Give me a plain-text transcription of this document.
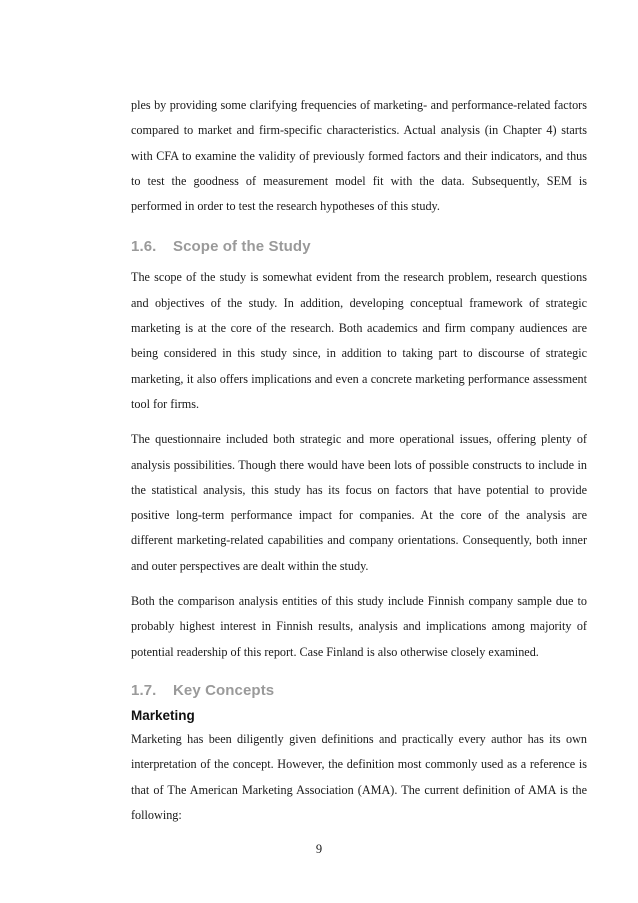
ples by providing some clarifying frequencies of marketing- and performance-related factors compared to market and firm-specific characteristics. Actual analysis (in Chapter 4) starts with CFA to examine the validity of previously formed factors and their indicators, and thus to test the goodness of measurement model fit with the data. Subsequently, SEM is performed in order to test the research hypotheses of this study.

1.6. Scope of the Study

The scope of the study is somewhat evident from the research problem, research questions and objectives of the study. In addition, developing conceptual framework of strategic marketing is at the core of the research. Both academics and firm company audiences are being considered in this study since, in addition to taking part to discourse of strategic marketing, it also offers implications and even a concrete marketing performance assessment tool for firms.

The questionnaire included both strategic and more operational issues, offering plenty of analysis possibilities. Though there would have been lots of possible constructs to include in the statistical analysis, this study has its focus on factors that have potential to provide positive long-term performance impact for companies. At the core of the analysis are different marketing-related capabilities and company orientations. Consequently, both inner and outer perspectives are dealt within the study.

Both the comparison analysis entities of this study include Finnish company sample due to probably highest interest in Finnish results, analysis and implications among majority of potential readership of this report. Case Finland is also otherwise closely examined.

1.7. Key Concepts
Marketing

Marketing has been diligently given definitions and practically every author has its own interpretation of the concept. However, the definition most commonly used as a reference is that of The American Marketing Association (AMA). The current definition of AMA is the following:

9
